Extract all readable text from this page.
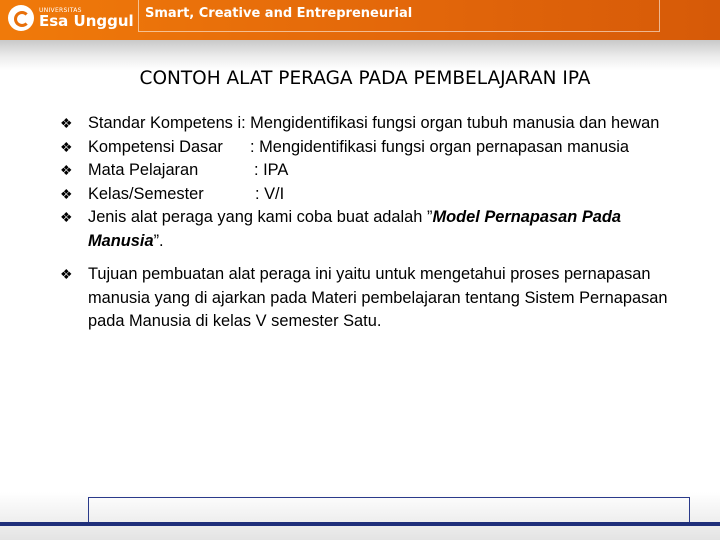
UNIVERSITAS
Esa Unggul Smart, Creative and Entrepreneurial
CONTOH ALAT PERAGA PADA PEMBELAJARAN IPA
❖ Standar Kompetens i: Mengidentifikasi fungsi organ tubuh manusia dan hewan
❖ Kompetensi Dasar : Mengidentifikasi fungsi organ pernapasan manusia
❖ Mata Pelajaran	: IPA
❖ Kelas/Semester	: V/I
❖ Jenis alat peraga yang kami coba buat adalah ”Model Pernapasan Pada Manusia”.
❖ Tujuan pembuatan alat peraga ini yaitu untuk mengetahui proses pernapasan manusia yang di ajarkan pada Materi pembelajaran tentang Sistem Pernapasan pada Manusia di kelas V semester Satu.
